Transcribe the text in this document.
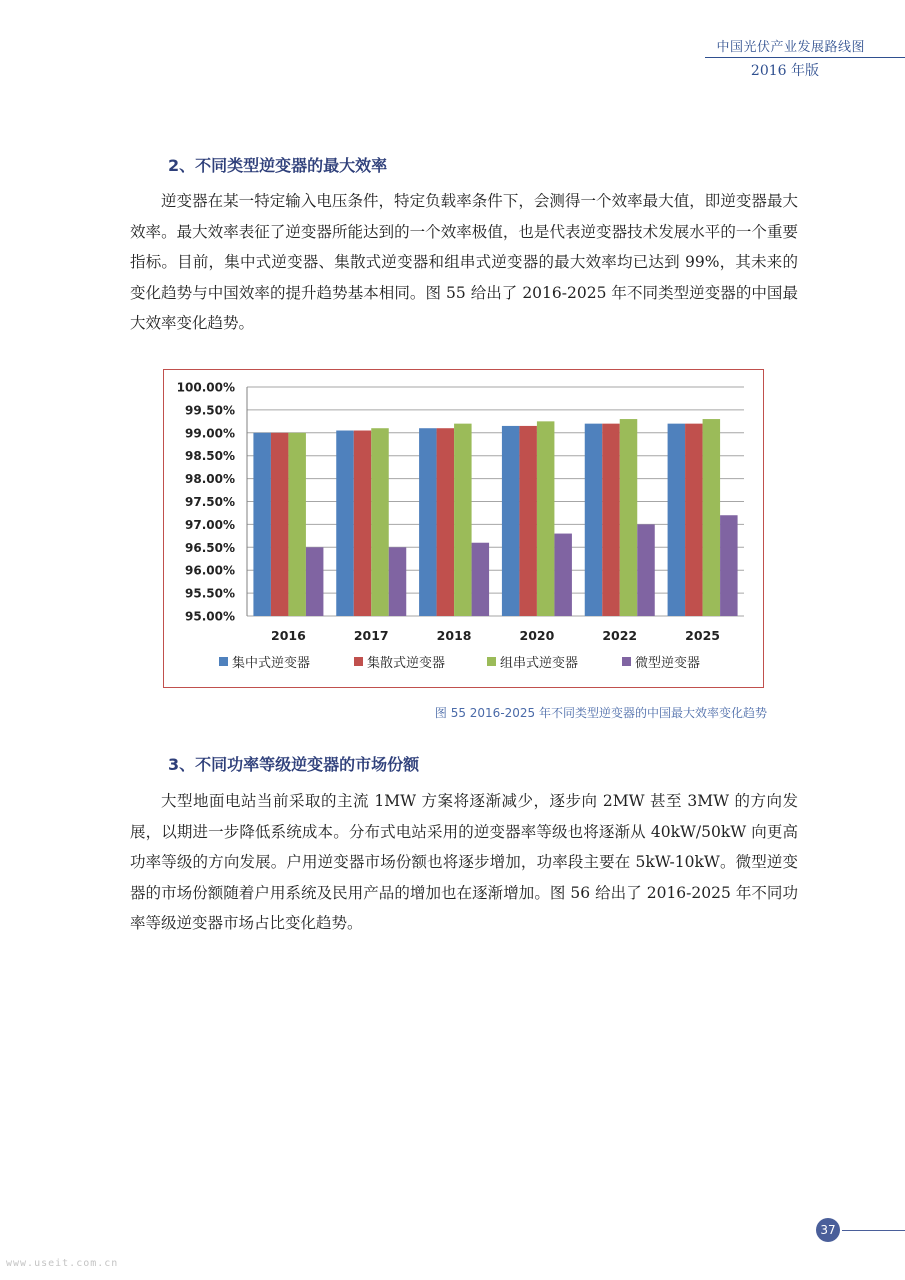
中国光伏产业发展路线图
2016 年版
2、不同类型逆变器的最大效率

逆变器在某一特定输入电压条件，特定负载率条件下，会测得一个效率最大值，即逆变器最大效率。最大效率表征了逆变器所能达到的一个效率极值，也是代表逆变器技术发展水平的一个重要指标。目前，集中式逆变器、集散式逆变器和组串式逆变器的最大效率均已达到 99%，其未来的变化趋势与中国效率的提升趋势基本相同。图 55 给出了 2016-2025 年不同类型逆变器的中国最大效率变化趋势。

100.00%
99.50%
99.00%
98.50%
98.00%
97.50%
97.00%
96.50%
96.00%
95.50%
95.00%
2016	2017	2018	2020	2022	2025
集中式逆变器	集散式逆变器	组串式逆变器	微型逆变器
图 55 2016-2025 年不同类型逆变器的中国最大效率变化趋势
3、不同功率等级逆变器的市场份额

大型地面电站当前采取的主流 1MW 方案将逐渐减少，逐步向 2MW 甚至 3MW 的方向发展，以期进一步降低系统成本。分布式电站采用的逆变器率等级也将逐渐从 40kW/50kW 向更高功率等级的方向发展。户用逆变器市场份额也将逐步增加，功率段主要在 5kW-10kW。微型逆变器的市场份额随着户用系统及民用产品的增加也在逐渐增加。图 56 给出了 2016-2025 年不同功率等级逆变器市场占比变化趋势。

37
www.useit.com.cn
